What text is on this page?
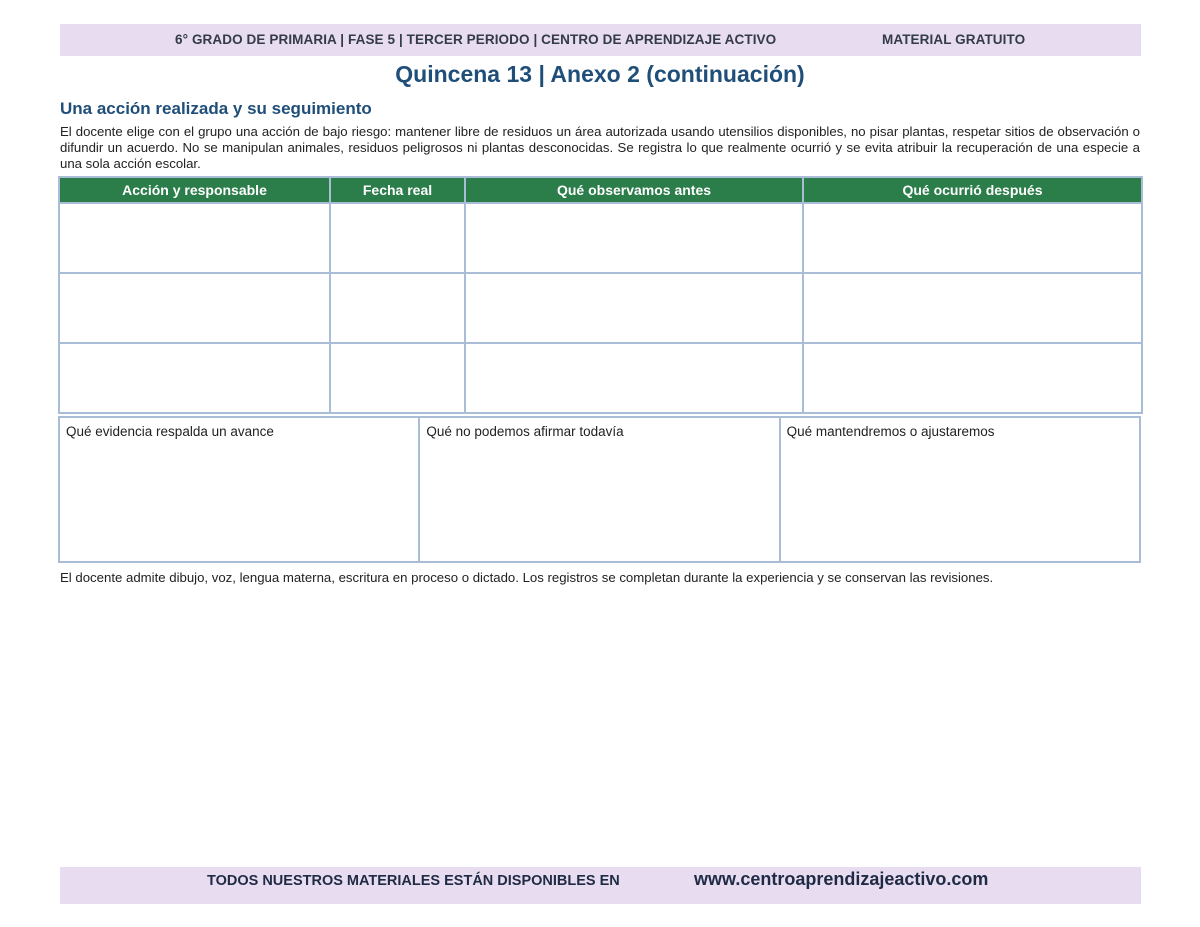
6° GRADO DE PRIMARIA | FASE 5 | TERCER PERIODO | CENTRO DE APRENDIZAJE ACTIVO	MATERIAL GRATUITO
Quincena 13 | Anexo 2 (continuación)
Una acción realizada y su seguimiento

El docente elige con el grupo una acción de bajo riesgo: mantener libre de residuos un área autorizada usando utensilios disponibles, no pisar plantas, respetar sitios de observación o difundir un acuerdo. No se manipulan animales, residuos peligrosos ni plantas desconocidas. Se registra lo que realmente ocurrió y se evita atribuir la recuperación de una especie a una sola acción escolar.

Acción y responsable	Fecha real	Qué observamos antes	Qué ocurrió después

Qué evidencia respalda un avance	Qué no podemos afirmar todavía	Qué mantendremos o ajustaremos

El docente admite dibujo, voz, lengua materna, escritura en proceso o dictado. Los registros se completan durante la experiencia y se conservan las revisiones.

TODOS NUESTROS MATERIALES ESTÁN DISPONIBLES EN	www.centroaprendizajeactivo.com
